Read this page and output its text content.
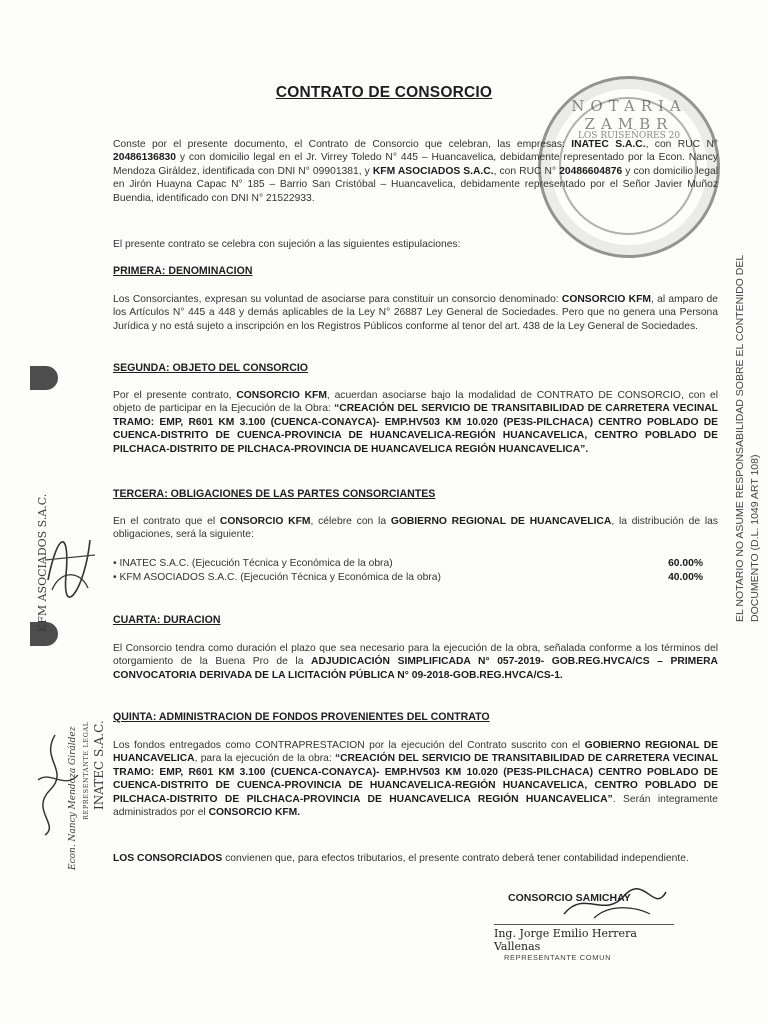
NOTARIA ZAMBR
LOS RUISEÑORES 20
CONTRATO DE CONSORCIO
Conste por el presente documento, el Contrato de Consorcio que celebran, las empresas: INATEC S.A.C., con RUC N° 20486136830 y con domicilio legal en el Jr. Virrey Toledo N° 445 – Huancavelica, debidamente representado por la Econ. Nancy Mendoza Giráldez, identificada con DNI N° 09901381, y KFM ASOCIADOS S.A.C., con RUC N° 20486604876 y con domicilio legal en Jirón Huayna Capac N° 185 – Barrio San Cristóbal – Huancavelica, debidamente representado por el Señor Javier Muñoz Buendia, identificado con DNI N° 21522933.
El presente contrato se celebra con sujeción a las siguientes estipulaciones:
PRIMERA: DENOMINACION
Los Consorciantes, expresan su voluntad de asociarse para constituir un consorcio denominado: CONSORCIO KFM, al amparo de los Artículos N° 445 a 448 y demás aplicables de la Ley N° 26887 Ley General de Sociedades. Pero que no genera una Persona Jurídica y no está sujeto a inscripción en los Registros Públicos conforme al tenor del art. 438 de la Ley General de Sociedades.
SEGUNDA: OBJETO DEL CONSORCIO
Por el presente contrato, CONSORCIO KFM, acuerdan asociarse bajo la modalidad de CONTRATO DE CONSORCIO, con el objeto de participar en la Ejecución de la Obra: “CREACIÓN DEL SERVICIO DE TRANSITABILIDAD DE CARRETERA VECINAL TRAMO: EMP, R601 KM 3.100 (CUENCA-CONAYCA)- EMP.HV503 KM 10.020 (PE3S-PILCHACA) CENTRO POBLADO DE CUENCA-DISTRITO DE CUENCA-PROVINCIA DE HUANCAVELICA-REGIÓN HUANCAVELICA, CENTRO POBLADO DE PILCHACA-DISTRITO DE PILCHACA-PROVINCIA DE HUANCAVELICA REGIÓN HUANCAVELICA”.
TERCERA: OBLIGACIONES DE LAS PARTES CONSORCIANTES
En el contrato que el CONSORCIO KFM, célebre con la GOBIERNO REGIONAL DE HUANCAVELICA, la distribución de las obligaciones, será la siguiente:
• INATEC S.A.C. (Ejecución Técnica y Económica de la obra)	60.00%
• KFM ASOCIADOS S.A.C. (Ejecución Técnica y Económica de la obra)	40.00%
CUARTA: DURACION
El Consorcio tendra como duración el plazo que sea necesario para la ejecución de la obra, señalada conforme a los términos del otorgamiento de la Buena Pro de la ADJUDICACIÓN SIMPLIFICADA N° 057-2019- GOB.REG.HVCA/CS – PRIMERA CONVOCATORIA DERIVADA DE LA LICITACIÓN PÚBLICA N° 09-2018-GOB.REG.HVCA/CS-1.
QUINTA: ADMINISTRACION DE FONDOS PROVENIENTES DEL CONTRATO
Los fondos entregados como CONTRAPRESTACION por la ejecución del Contrato suscrito con el GOBIERNO REGIONAL DE HUANCAVELICA, para la ejecución de la obra: “CREACIÓN DEL SERVICIO DE TRANSITABILIDAD DE CARRETERA VECINAL TRAMO: EMP, R601 KM 3.100 (CUENCA-CONAYCA)- EMP.HV503 KM 10.020 (PE3S-PILCHACA) CENTRO POBLADO DE CUENCA-DISTRITO DE CUENCA-PROVINCIA DE HUANCAVELICA-REGIÓN HUANCAVELICA, CENTRO POBLADO DE PILCHACA-DISTRITO DE PILCHACA-PROVINCIA DE HUANCAVELICA REGIÓN HUANCAVELICA”. Serán integramente administrados por el CONSORCIO KFM.
LOS CONSORCIADOS convienen que, para efectos tributarios, el presente contrato deberá tener contabilidad independiente.
EL NOTARIO NO ASUME RESPONSABILIDAD SOBRE EL CONTENIDO DEL DOCUMENTO (D.L. 1049 ART 108)
KFM ASOCIADOS S.A.C.
Econ. Nancy Mendoza Giráldez REPRESENTANTE LEGAL INATEC S.A.C.
CONSORCIO SAMICHAY
Ing. Jorge Emilio Herrera Vallenas
REPRESENTANTE COMUN
